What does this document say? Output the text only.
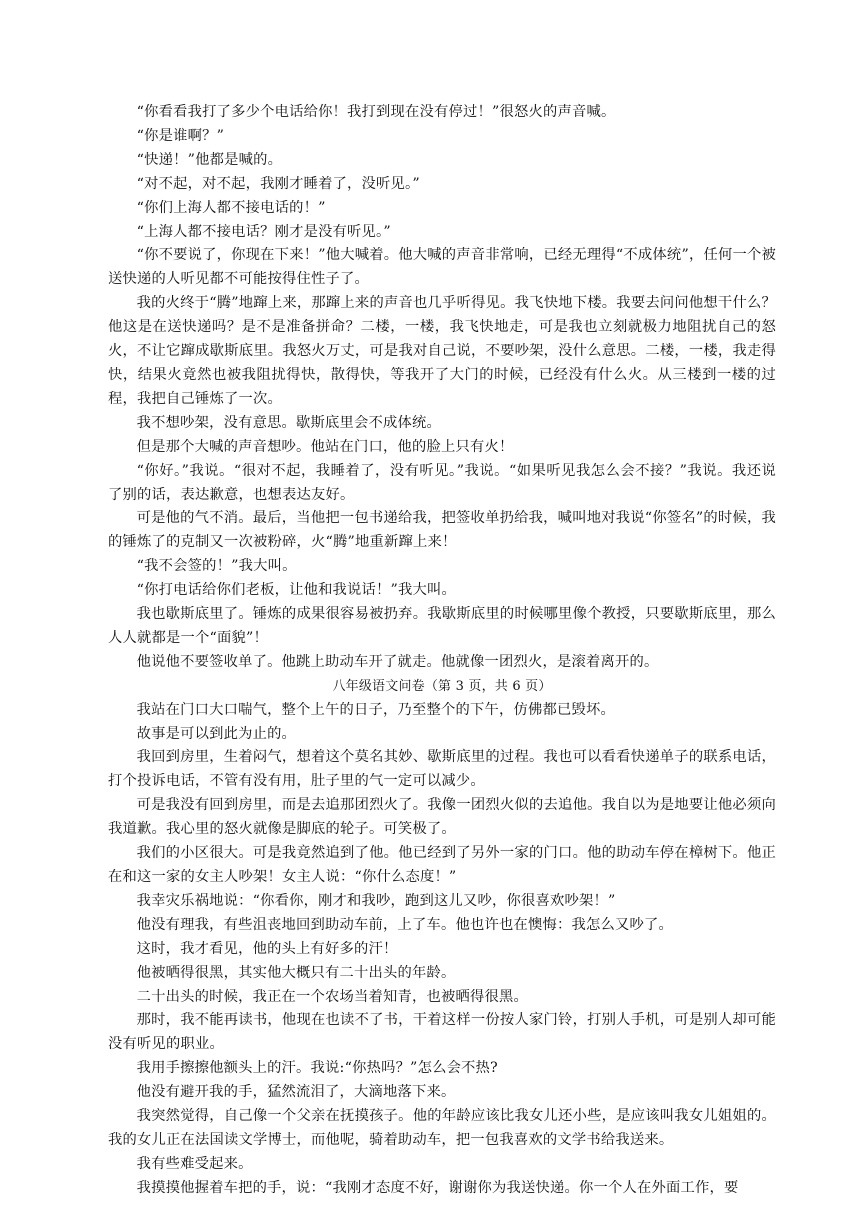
“你看看我打了多少个电话给你！我打到现在没有停过！”很怒火的声音喊。

“你是谁啊？”

“快递！”他都是喊的。

“对不起，对不起，我刚才睡着了，没听见。”

“你们上海人都不接电话的！”

“上海人都不接电话？刚才是没有听见。”

“你不要说了，你现在下来！”他大喊着。他大喊的声音非常响，已经无理得“不成体统”，任何一个被送快递的人听见都不可能按得住性子了。

我的火终于“腾”地蹿上来，那蹿上来的声音也几乎听得见。我飞快地下楼。我要去问问他想干什么？他这是在送快递吗？是不是准备拼命？二楼，一楼，我飞快地走，可是我也立刻就极力地阻扰自己的怒火，不让它蹿成歇斯底里。我怒火万丈，可是我对自己说，不要吵架，没什么意思。二楼，一楼，我走得快，结果火竟然也被我阻扰得快，散得快，等我开了大门的时候，已经没有什么火。从三楼到一楼的过程，我把自己锤炼了一次。

我不想吵架，没有意思。歇斯底里会不成体统。

但是那个大喊的声音想吵。他站在门口，他的脸上只有火！

“你好。”我说。“很对不起，我睡着了，没有听见。”我说。“如果听见我怎么会不接？”我说。我还说了别的话，表达歉意，也想表达友好。

可是他的气不消。最后，当他把一包书递给我，把签收单扔给我，喊叫地对我说“你签名”的时候，我的锤炼了的克制又一次被粉碎，火“腾”地重新蹿上来！

“我不会签的！”我大叫。

“你打电话给你们老板，让他和我说话！”我大叫。

我也歇斯底里了。锤炼的成果很容易被扔弃。我歇斯底里的时候哪里像个教授，只要歇斯底里，那么人人就都是一个“面貌”！

他说他不要签收单了。他跳上助动车开了就走。他就像一团烈火，是滚着离开的。

八年级语文问卷（第 3 页，共 6 页）

我站在门口大口喘气，整个上午的日子，乃至整个的下午，仿佛都已毁坏。

故事是可以到此为止的。

我回到房里，生着闷气，想着这个莫名其妙、歇斯底里的过程。我也可以看看快递单子的联系电话，打个投诉电话，不管有没有用，肚子里的气一定可以减少。

可是我没有回到房里，而是去追那团烈火了。我像一团烈火似的去追他。我自以为是地要让他必须向我道歉。我心里的怒火就像是脚底的轮子。可笑极了。

我们的小区很大。可是我竟然追到了他。他已经到了另外一家的门口。他的助动车停在樟树下。他正在和这一家的女主人吵架！女主人说：“你什么态度！”

我幸灾乐祸地说：“你看你，刚才和我吵，跑到这儿又吵，你很喜欢吵架！”

他没有理我，有些沮丧地回到助动车前，上了车。他也许也在懊悔：我怎么又吵了。

这时，我才看见，他的头上有好多的汗！

他被晒得很黑，其实他大概只有二十出头的年龄。

二十出头的时候，我正在一个农场当着知青，也被晒得很黑。

那时，我不能再读书，他现在也读不了书，干着这样一份按人家门铃，打别人手机，可是别人却可能没有听见的职业。

我用手擦擦他额头上的汗。我说:“你热吗？”怎么会不热?

他没有避开我的手，猛然流泪了，大滴地落下来。

我突然觉得，自己像一个父亲在抚摸孩子。他的年龄应该比我女儿还小些，是应该叫我女儿姐姐的。我的女儿正在法国读文学博士，而他呢，骑着助动车，把一包我喜欢的文学书给我送来。

我有些难受起来。

我摸摸他握着车把的手，说：“我刚才态度不好，谢谢你为我送快递。你一个人在外面工作，要
